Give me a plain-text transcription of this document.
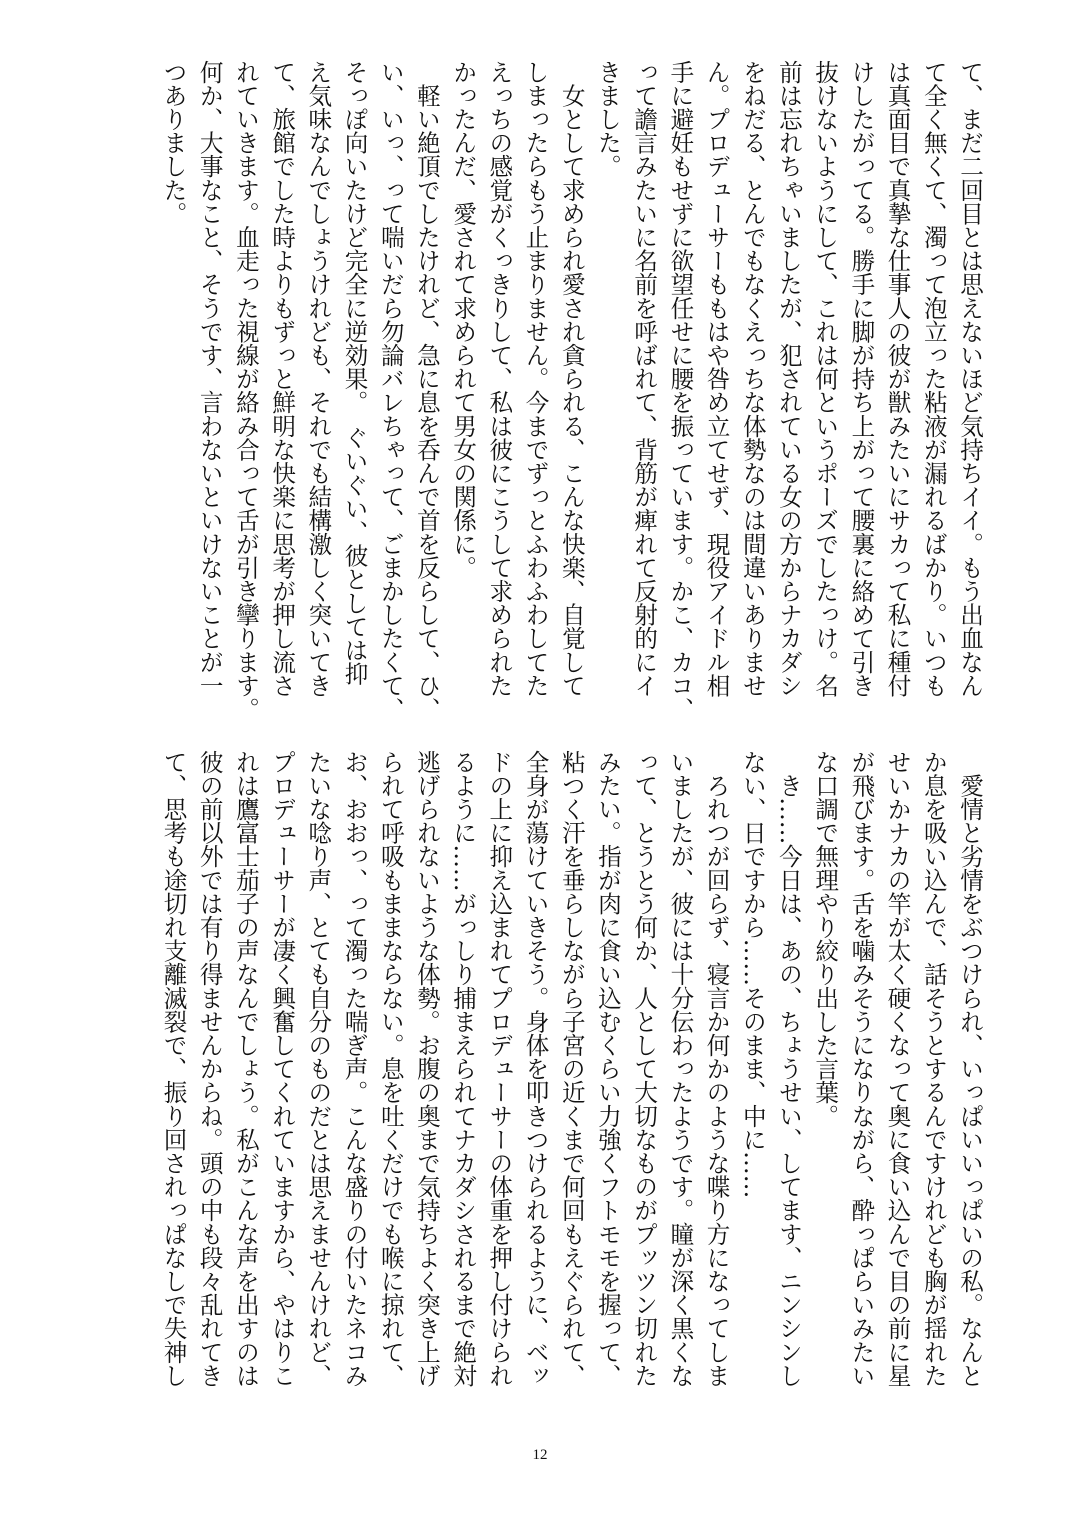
て、まだ二回目とは思えないほど気持ちイイ。もう出血なん
て全く無くて、濁って泡立った粘液が漏れるばかり。いつも
は真面目で真摯な仕事人の彼が獣みたいにサカって私に種付
けしたがってる。勝手に脚が持ち上がって腰裏に絡めて引き
抜けないようにして、これは何というポーズでしたっけ。名
前は忘れちゃいましたが、犯されている女の方からナカダシ
をねだる、とんでもなくえっちな体勢なのは間違いありませ
ん。プロデューサーももはや咎め立てせず、現役アイドル相
手に避妊もせずに欲望任せに腰を振っています。かこ、カコ、
って譫言みたいに名前を呼ばれて、背筋が痺れて反射的にイ
きました。
　女として求められ愛され貪られる、こんな快楽、自覚して
しまったらもう止まりません。今までずっとふわふわしてた
えっちの感覚がくっきりして、私は彼にこうして求められた
かったんだ、愛されて求められて男女の関係に。
　軽い絶頂でしたけれど、急に息を呑んで首を反らして、ひ、
い、いっ、って喘いだら勿論バレちゃって、ごまかしたくて、
そっぽ向いたけど完全に逆効果。　ぐいぐい、彼としては抑
え気味なんでしょうけれども、それでも結構激しく突いてき
て、旅館でした時よりもずっと鮮明な快楽に思考が押し流さ
れていきます。血走った視線が絡み合って舌が引き攣ります。
何か、大事なこと、そうです、言わないといけないことが一
つありました。
　愛情と劣情をぶつけられ、いっぱいいっぱいの私。なんと
か息を吸い込んで、話そうとするんですけれども胸が揺れた
せいかナカの竿が太く硬くなって奥に食い込んで目の前に星
が飛びます。舌を噛みそうになりながら、酔っぱらいみたい
な口調で無理やり絞り出した言葉。
　き……今日は、あの、ちょうせい、してます、ニンシンし
ない、日ですから……そのまま、中に……
　ろれつが回らず、寝言か何かのような喋り方になってしま
いましたが、彼には十分伝わったようです。瞳が深く黒くな
って、とうとう何か、人として大切なものがプッツン切れた
みたい。指が肉に食い込むくらい力強くフトモモを握って、
粘つく汗を垂らしながら子宮の近くまで何回もえぐられて、
全身が蕩けていきそう。身体を叩きつけられるように、ベッ
ドの上に抑え込まれてプロデューサーの体重を押し付けられ
るように……がっしり捕まえられてナカダシされるまで絶対
逃げられないような体勢。お腹の奥まで気持ちよく突き上げ
られて呼吸もままならない。息を吐くだけでも喉に掠れて、
お、おおっ、って濁った喘ぎ声。こんな盛りの付いたネコみ
たいな唸り声、とても自分のものだとは思えませんけれど、
プロデューサーが凄く興奮してくれていますから、やはりこ
れは鷹富士茄子の声なんでしょう。私がこんな声を出すのは
彼の前以外では有り得ませんからね。頭の中も段々乱れてき
て、思考も途切れ支離滅裂で、振り回されっぱなしで失神し
12
